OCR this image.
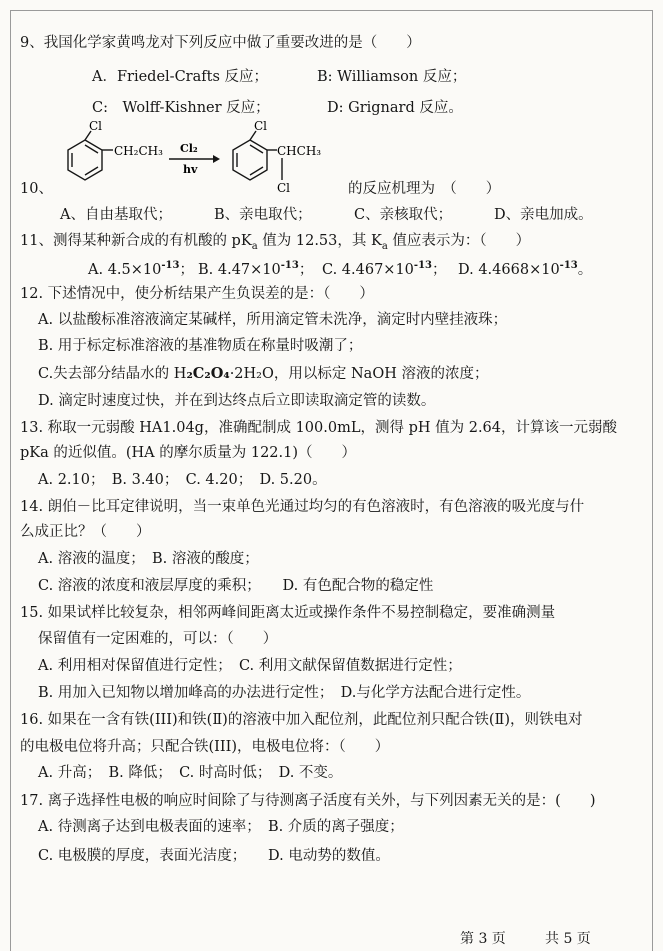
9、我国化学家黄鸣龙对下列反应中做了重要改进的是（　　）
A．Friedel-Crafts 反应；	B: Williamson 反应；
C:　Wolff-Kishner 反应；	D: Grignard 反应。
Cl
CH₂CH₃ Cl₂
hv
Cl
CHCH₃
Cl
10、	的反应机理为　（　　）
A、自由基取代；	B、亲电取代；	C、亲核取代；	D、亲电加成。
11、测得某种新合成的有机酸的 $pK_a$ 值为 12.53，其 $K_a$ 值应表示为：（　　）
A. $4.5\times 10^{-13}$； B. $4.47\times 10^{-13}$； C. $4.467\times 10^{-13}$； D. $4.4668\times 10^{-13}$。
12. 下述情况中，使分析结果产生负误差的是：（　　）
A. 以盐酸标准溶液滴定某碱样，所用滴定管未洗净，滴定时内壁挂液珠；
B. 用于标定标准溶液的基准物质在称量时吸潮了；
C.失去部分结晶水的 H₂C₂O₄·2H₂O，用以标定 NaOH 溶液的浓度；
D. 滴定时速度过快，并在到达终点后立即读取滴定管的读数。
13. 称取一元弱酸 HA1.04g，准确配制成 100.0mL，测得 pH 值为 2.64，计算该一元弱酸
pKa 的近似值。(HA 的摩尔质量为 122.1)（　　）
A. 2.10；　B. 3.40；　C. 4.20；　D. 5.20。
14. 朗伯－比耳定律说明，当一束单色光通过均匀的有色溶液时，有色溶液的吸光度与什
么成正比？（　　）
A. 溶液的温度；　B. 溶液的酸度；
C. 溶液的浓度和液层厚度的乘积；　　D. 有色配合物的稳定性
15. 如果试样比较复杂，相邻两峰间距离太近或操作条件不易控制稳定，要准确测量
保留值有一定困难的，可以：（　　）
A. 利用相对保留值进行定性；　C. 利用文献保留值数据进行定性；
B. 用加入已知物以增加峰高的办法进行定性；　D.与化学方法配合进行定性。
16. 如果在一含有铁(III)和铁(Ⅱ)的溶液中加入配位剂，此配位剂只配合铁(Ⅱ)，则铁电对
的电极电位将升高；只配合铁(III)，电极电位将：（　　）
A. 升高；　B. 降低；　C. 时高时低；　D. 不变。
17. 离子选择性电极的响应时间除了与待测离子活度有关外，与下列因素无关的是：(　　)
A. 待测离子达到电极表面的速率；　B. 介质的离子强度；
C. 电极膜的厚度，表面光洁度；　　D. 电动势的数值。
第 3 页	共 5 页
